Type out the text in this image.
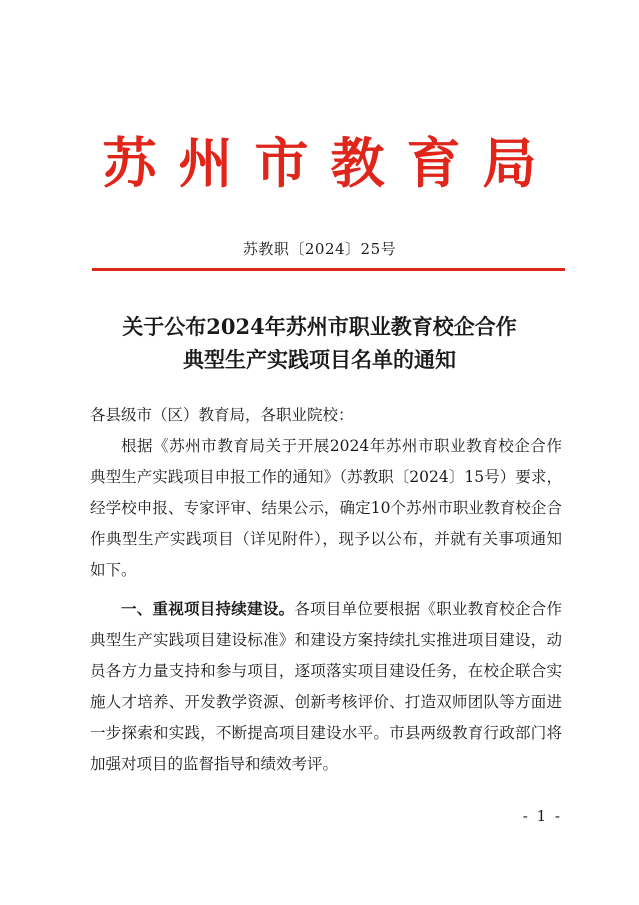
苏州市教育局
苏教职〔2024〕25号
关于公布2024年苏州市职业教育校企合作
典型生产实践项目名单的通知
各县级市（区）教育局，各职业院校：
根据《苏州市教育局关于开展2024年苏州市职业教育校企合作典型生产实践项目申报工作的通知》（苏教职〔2024〕15号）要求，经学校申报、专家评审、结果公示，确定10个苏州市职业教育校企合作典型生产实践项目（详见附件），现予以公布，并就有关事项通知如下。
一、重视项目持续建设。各项目单位要根据《职业教育校企合作典型生产实践项目建设标准》和建设方案持续扎实推进项目建设，动员各方力量支持和参与项目，逐项落实项目建设任务，在校企联合实施人才培养、开发教学资源、创新考核评价、打造双师团队等方面进一步探索和实践，不断提高项目建设水平。市县两级教育行政部门将加强对项目的监督指导和绩效考评。
- 1 -
